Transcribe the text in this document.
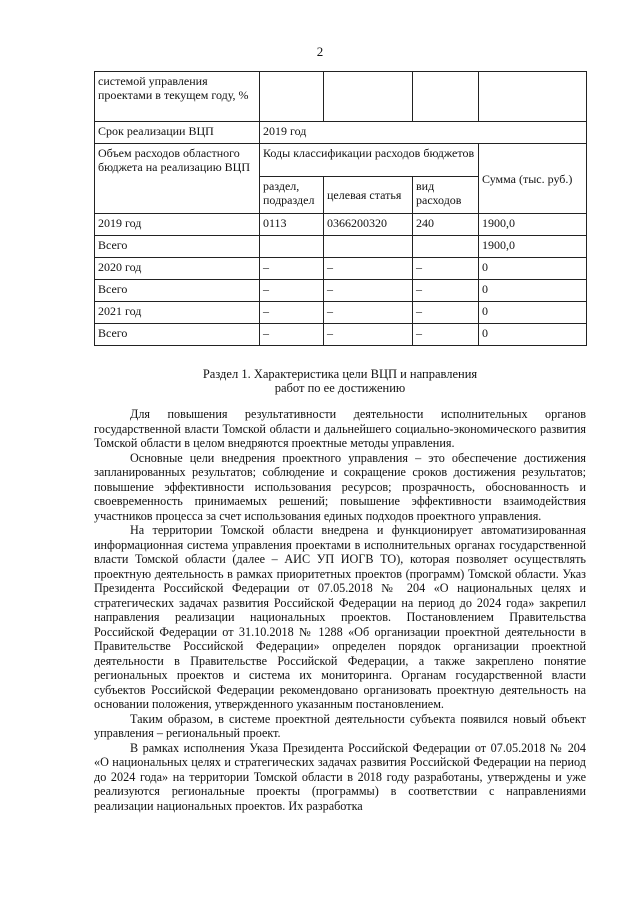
2
системой управления проектами в текущем году, %				
Срок реализации ВЦП	2019 год			
Объем расходов областного бюджета на реализацию ВЦП	Коды классификации расходов бюджетов			Сумма (тыс. руб.)
	раздел, подраздел	целевая статья	вид расходов	
2019 год	0113	0366200320	240	1900,0
Всего				1900,0
2020 год	–	–	–	0
Всего	–	–	–	0
2021 год	–	–	–	0
Всего	–	–	–	0
Раздел 1. Характеристика цели ВЦП и направления
работ по ее достижению

Для повышения результативности деятельности исполнительных органов государственной власти Томской области и дальнейшего социально-экономического развития Томской области в целом внедряются проектные методы управления.

Основные цели внедрения проектного управления – это обеспечение достижения запланированных результатов; соблюдение и сокращение сроков достижения результатов; повышение эффективности использования ресурсов; прозрачность, обоснованность и своевременность принимаемых решений; повышение эффективности взаимодействия участников процесса за счет использования единых подходов проектного управления.

На территории Томской области внедрена и функционирует автоматизированная информационная система управления проектами в исполнительных органах государственной власти Томской области (далее – АИС УП ИОГВ ТО), которая позволяет осуществлять проектную деятельность в рамках приоритетных проектов (программ) Томской области. Указ Президента Российской Федерации от 07.05.2018 № 204 «О национальных целях и стратегических задачах развития Российской Федерации на период до 2024 года» закрепил направления реализации национальных проектов. Постановлением Правительства Российской Федерации от 31.10.2018 № 1288 «Об организации проектной деятельности в Правительстве Российской Федерации» определен порядок организации проектной деятельности в Правительстве Российской Федерации, а также закреплено понятие региональных проектов и система их мониторинга. Органам государственной власти субъектов Российской Федерации рекомендовано организовать проектную деятельность на основании положения, утвержденного указанным постановлением.

Таким образом, в системе проектной деятельности субъекта появился новый объект управления – региональный проект.

В рамках исполнения Указа Президента Российской Федерации от 07.05.2018 № 204 «О национальных целях и стратегических задачах развития Российской Федерации на период до 2024 года» на территории Томской области в 2018 году разработаны, утверждены и уже реализуются региональные проекты (программы) в соответствии с направлениями реализации национальных проектов. Их разработка
